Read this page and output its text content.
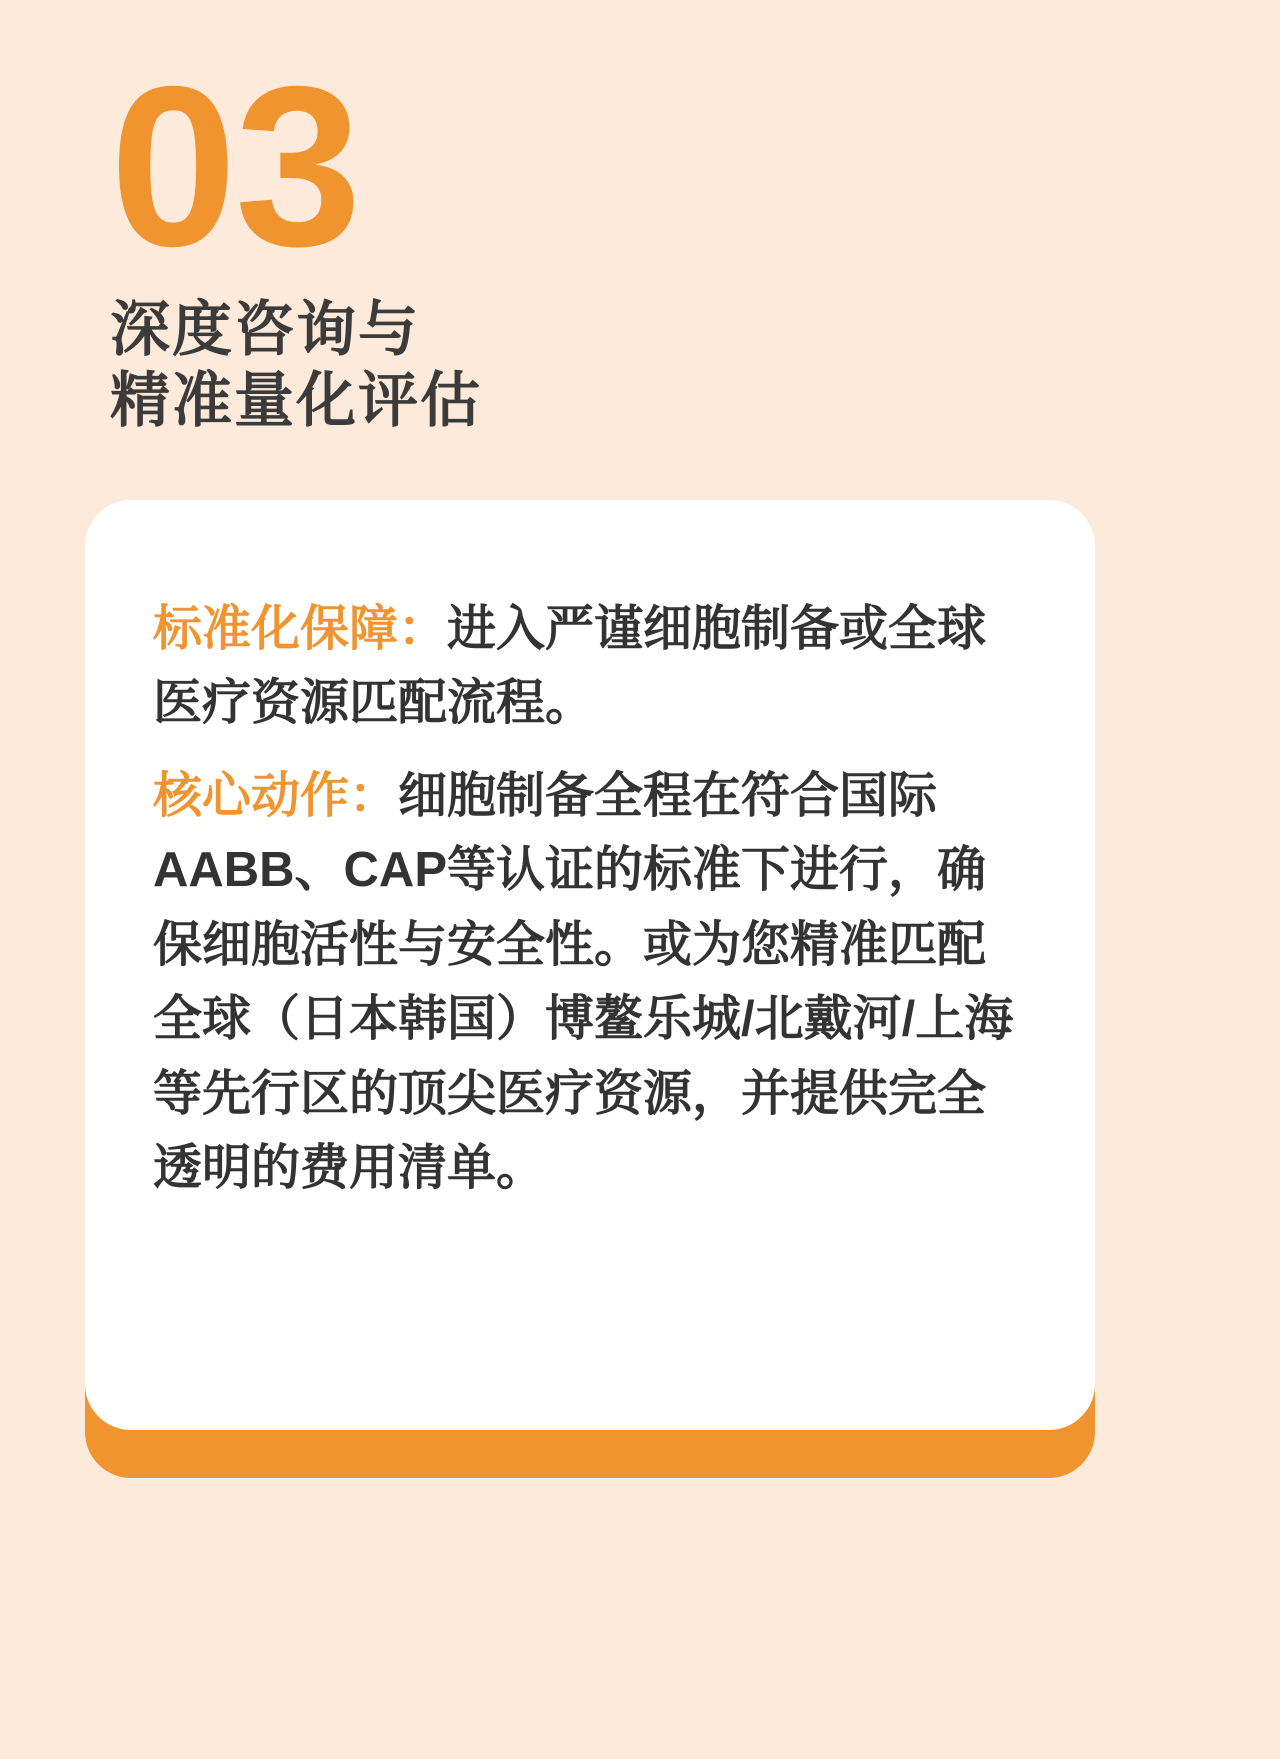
03
深度咨询与
精准量化评估

标准化保障：进入严谨细胞制备或全球医疗资源匹配流程。

核心动作：细胞制备全程在符合国际AABB、CAP等认证的标准下进行，确保细胞活性与安全性。或为您精准匹配全球（日本韩国）博鳌乐城/北戴河/上海等先行区的顶尖医疗资源，并提供完全透明的费用清单。
